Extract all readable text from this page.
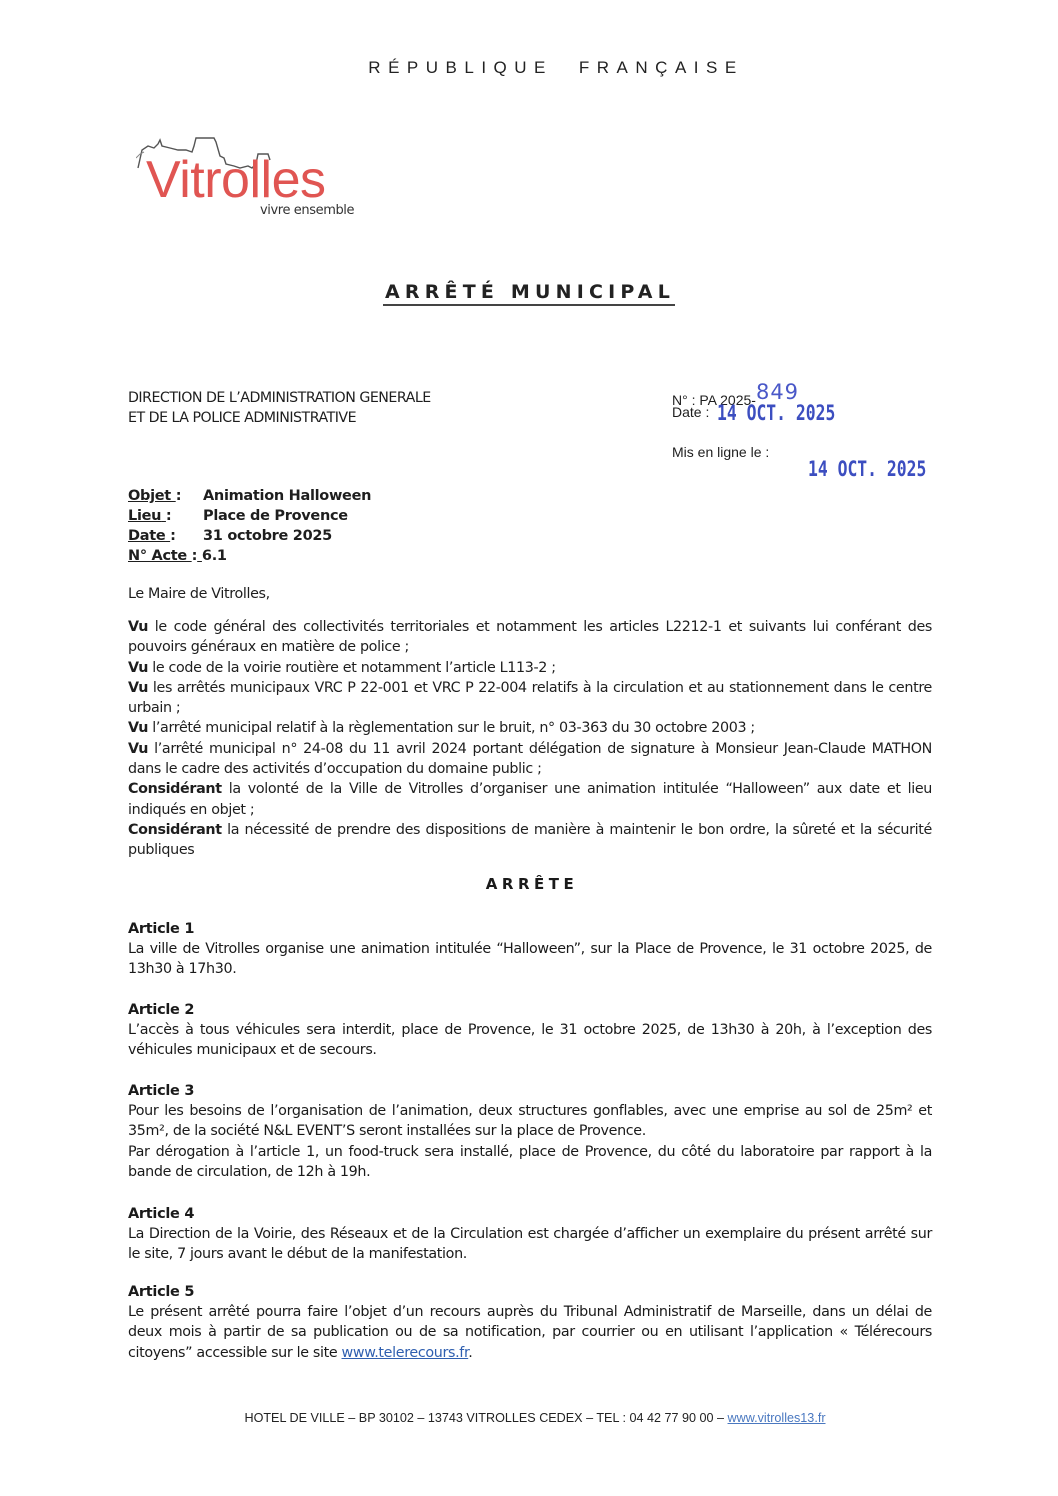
RÉPUBLIQUE FRANÇAISE
Vitrolles
vivre ensemble
ARRÊTÉ MUNICIPAL
DIRECTION DE L’ADMINISTRATION GENERALE
ET DE LA POLICE ADMINISTRATIVE
N° : PA 2025-849
Date : 14 OCT. 2025
Mis en ligne le :
14 OCT. 2025
Objet :	Animation Halloween
Lieu :	Place de Provence
Date :	31 octobre 2025
N° Acte : 6.1
Le Maire de Vitrolles,

Vu le code général des collectivités territoriales et notamment les articles L2212-1 et suivants lui conférant des pouvoirs généraux en matière de police ;

Vu le code de la voirie routière et notamment l’article L113-2 ;

Vu les arrêtés municipaux VRC P 22-001 et VRC P 22-004 relatifs à la circulation et au stationnement dans le centre urbain ;

Vu l’arrêté municipal relatif à la règlementation sur le bruit, n° 03-363 du 30 octobre 2003 ;

Vu l’arrêté municipal n° 24-08 du 11 avril 2024 portant délégation de signature à Monsieur Jean-Claude MATHON dans le cadre des activités d’occupation du domaine public ;

Considérant la volonté de la Ville de Vitrolles d’organiser une animation intitulée “Halloween” aux date et lieu indiqués en objet ;

Considérant la nécessité de prendre des dispositions de manière à maintenir le bon ordre, la sûreté et la sécurité publiques

ARRÊTE
Article 1

La ville de Vitrolles organise une animation intitulée “Halloween”, sur la Place de Provence, le 31 octobre 2025, de 13h30 à 17h30.

Article 2

L’accès à tous véhicules sera interdit, place de Provence, le 31 octobre 2025, de 13h30 à 20h, à l’exception des véhicules municipaux et de secours.

Article 3

Pour les besoins de l’organisation de l’animation, deux structures gonflables, avec une emprise au sol de 25m² et 35m², de la société N&L EVENT’S seront installées sur la place de Provence.

Par dérogation à l’article 1, un food-truck sera installé, place de Provence, du côté du laboratoire par rapport à la bande de circulation, de 12h à 19h.

Article 4

La Direction de la Voirie, des Réseaux et de la Circulation est chargée d’afficher un exemplaire du présent arrêté sur le site, 7 jours avant le début de la manifestation.

Article 5

Le présent arrêté pourra faire l’objet d’un recours auprès du Tribunal Administratif de Marseille, dans un délai de deux mois à partir de sa publication ou de sa notification, par courrier ou en utilisant l’application « Télérecours citoyens” accessible sur le site www.telerecours.fr.

HOTEL DE VILLE – BP 30102 – 13743 VITROLLES CEDEX – TEL : 04 42 77 90 00 – www.vitrolles13.fr
